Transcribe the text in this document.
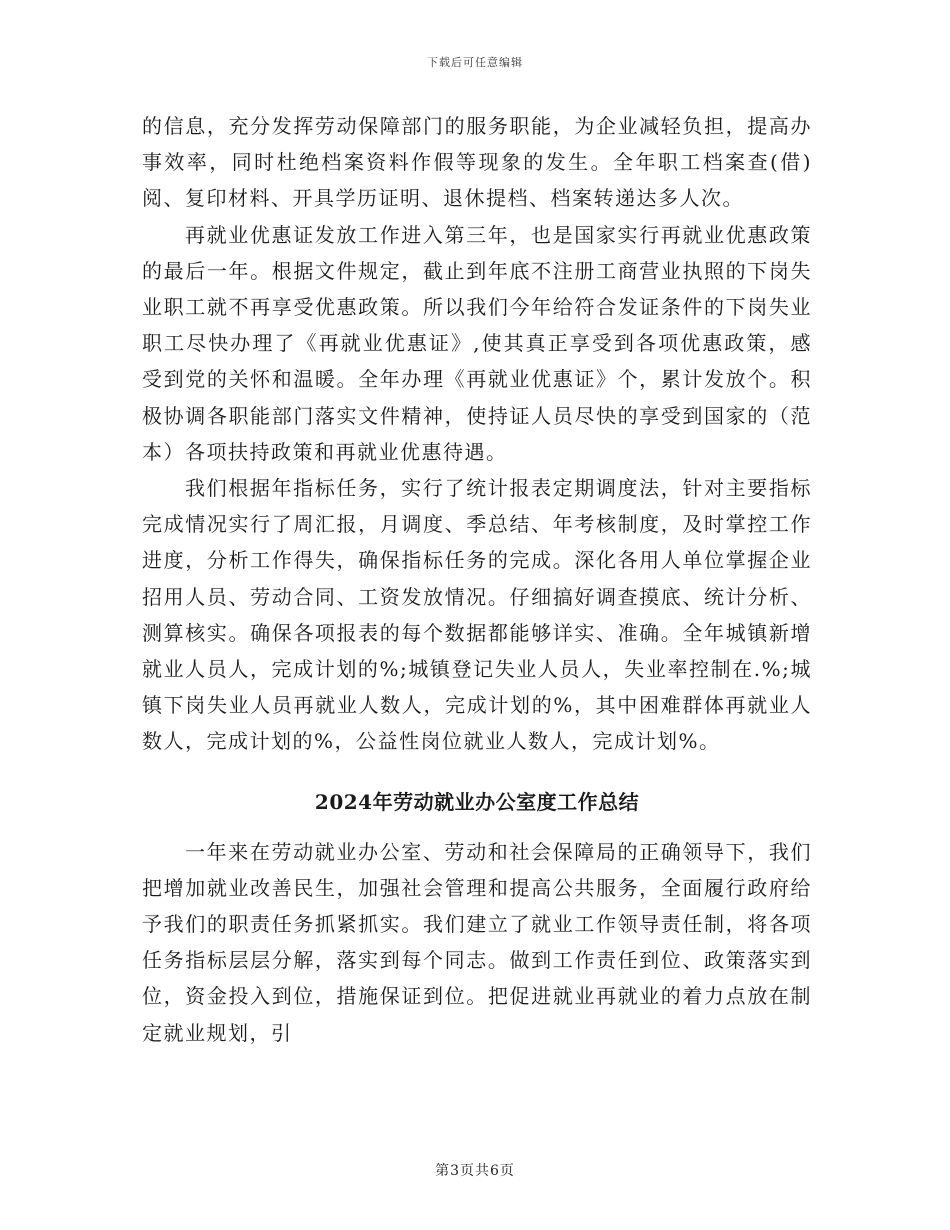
下载后可任意编辑

的信息，充分发挥劳动保障部门的服务职能，为企业减轻负担，提高办事效率，同时杜绝档案资料作假等现象的发生。全年职工档案查(借)阅、复印材料、开具学历证明、退休提档、档案转递达多人次。

再就业优惠证发放工作进入第三年，也是国家实行再就业优惠政策的最后一年。根据文件规定，截止到年底不注册工商营业执照的下岗失业职工就不再享受优惠政策。所以我们今年给符合发证条件的下岗失业职工尽快办理了《再就业优惠证》,使其真正享受到各项优惠政策，感受到党的关怀和温暖。全年办理《再就业优惠证》个，累计发放个。积极协调各职能部门落实文件精神，使持证人员尽快的享受到国家的（范本）各项扶持政策和再就业优惠待遇。

我们根据年指标任务，实行了统计报表定期调度法，针对主要指标完成情况实行了周汇报，月调度、季总结、年考核制度，及时掌控工作进度，分析工作得失，确保指标任务的完成。深化各用人单位掌握企业招用人员、劳动合同、工资发放情况。仔细搞好调查摸底、统计分析、测算核实。确保各项报表的每个数据都能够详实、准确。全年城镇新增就业人员人，完成计划的%;城镇登记失业人员人，失业率控制在.%;城镇下岗失业人员再就业人数人，完成计划的%，其中困难群体再就业人数人，完成计划的%，公益性岗位就业人数人，完成计划%。

2024年劳动就业办公室度工作总结

一年来在劳动就业办公室、劳动和社会保障局的正确领导下，我们把增加就业改善民生，加强社会管理和提高公共服务，全面履行政府给予我们的职责任务抓紧抓实。我们建立了就业工作领导责任制，将各项任务指标层层分解，落实到每个同志。做到工作责任到位、政策落实到位，资金投入到位，措施保证到位。把促进就业再就业的着力点放在制定就业规划，引

第3页共6页
